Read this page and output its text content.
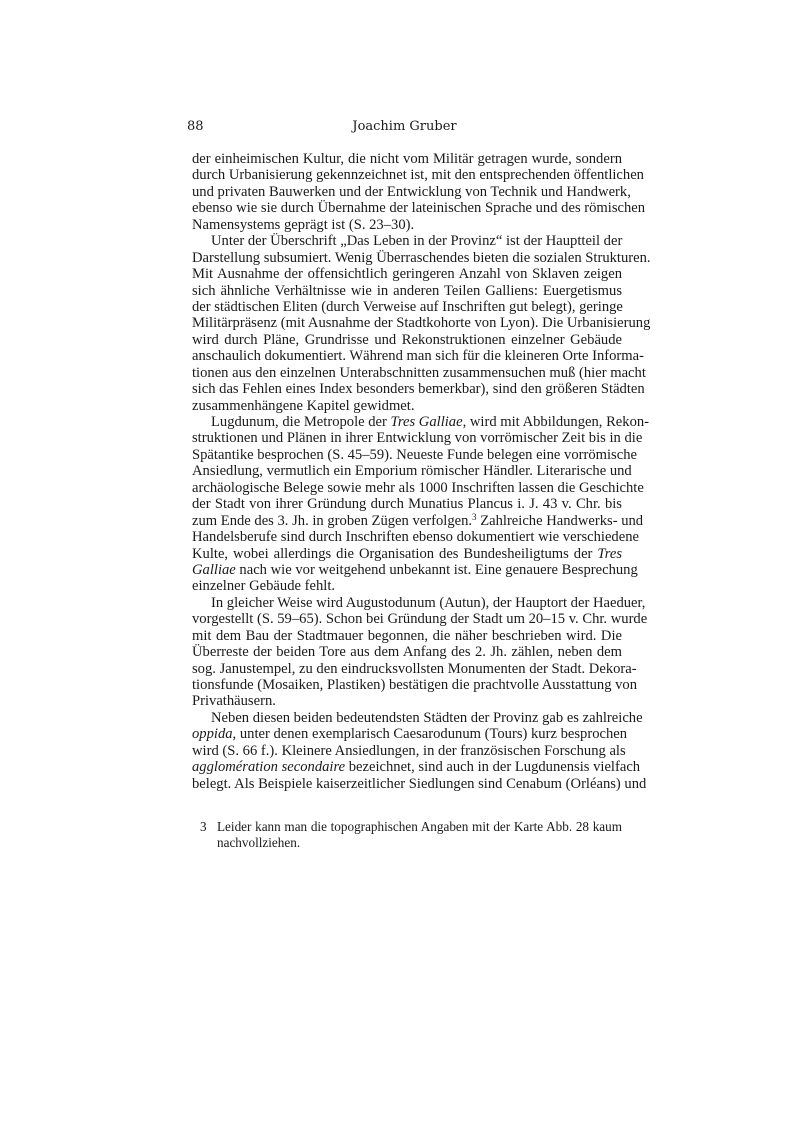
88	Joachim Gruber
der einheimischen Kultur, die nicht vom Militär getragen wurde, sondern
durch Urbanisierung gekennzeichnet ist, mit den entsprechenden öffentlichen
und privaten Bauwerken und der Entwicklung von Technik und Handwerk,
ebenso wie sie durch Übernahme der lateinischen Sprache und des römischen
Namensystems geprägt ist (S. 23–30).
Unter der Überschrift „Das Leben in der Provinz“ ist der Hauptteil der
Darstellung subsumiert. Wenig Überraschendes bieten die sozialen Strukturen.
Mit Ausnahme der offensichtlich geringeren Anzahl von Sklaven zeigen
sich ähnliche Verhältnisse wie in anderen Teilen Galliens: Euergetismus
der städtischen Eliten (durch Verweise auf Inschriften gut belegt), geringe
Militärpräsenz (mit Ausnahme der Stadtkohorte von Lyon). Die Urbanisierung
wird durch Pläne, Grundrisse und Rekonstruktionen einzelner Gebäude
anschaulich dokumentiert. Während man sich für die kleineren Orte Informa-
tionen aus den einzelnen Unterabschnitten zusammensuchen muß (hier macht
sich das Fehlen eines Index besonders bemerkbar), sind den größeren Städten
zusammenhängene Kapitel gewidmet.
Lugdunum, die Metropole der Tres Galliae, wird mit Abbildungen, Rekon-
struktionen und Plänen in ihrer Entwicklung von vorrömischer Zeit bis in die
Spätantike besprochen (S. 45–59). Neueste Funde belegen eine vorrömische
Ansiedlung, vermutlich ein Emporium römischer Händler. Literarische und
archäologische Belege sowie mehr als 1000 Inschriften lassen die Geschichte
der Stadt von ihrer Gründung durch Munatius Plancus i. J. 43 v. Chr. bis
zum Ende des 3. Jh. in groben Zügen verfolgen.$^3$ Zahlreiche Handwerks- und
Handelsberufe sind durch Inschriften ebenso dokumentiert wie verschiedene
Kulte, wobei allerdings die Organisation des Bundesheiligtums der Tres
Galliae nach wie vor weitgehend unbekannt ist. Eine genauere Besprechung
einzelner Gebäude fehlt.
In gleicher Weise wird Augustodunum (Autun), der Hauptort der Haeduer,
vorgestellt (S. 59–65). Schon bei Gründung der Stadt um 20–15 v. Chr. wurde
mit dem Bau der Stadtmauer begonnen, die näher beschrieben wird. Die
Überreste der beiden Tore aus dem Anfang des 2. Jh. zählen, neben dem
sog. Janustempel, zu den eindrucksvollsten Monumenten der Stadt. Dekora-
tionsfunde (Mosaiken, Plastiken) bestätigen die prachtvolle Ausstattung von
Privathäusern.
Neben diesen beiden bedeutendsten Städten der Provinz gab es zahlreiche
oppida, unter denen exemplarisch Caesarodunum (Tours) kurz besprochen
wird (S. 66 f.). Kleinere Ansiedlungen, in der französischen Forschung als
agglomération secondaire bezeichnet, sind auch in der Lugdunensis vielfach
belegt. Als Beispiele kaiserzeitlicher Siedlungen sind Cenabum (Orléans) und
3 Leider kann man die topographischen Angaben mit der Karte Abb. 28 kaum
nachvollziehen.
